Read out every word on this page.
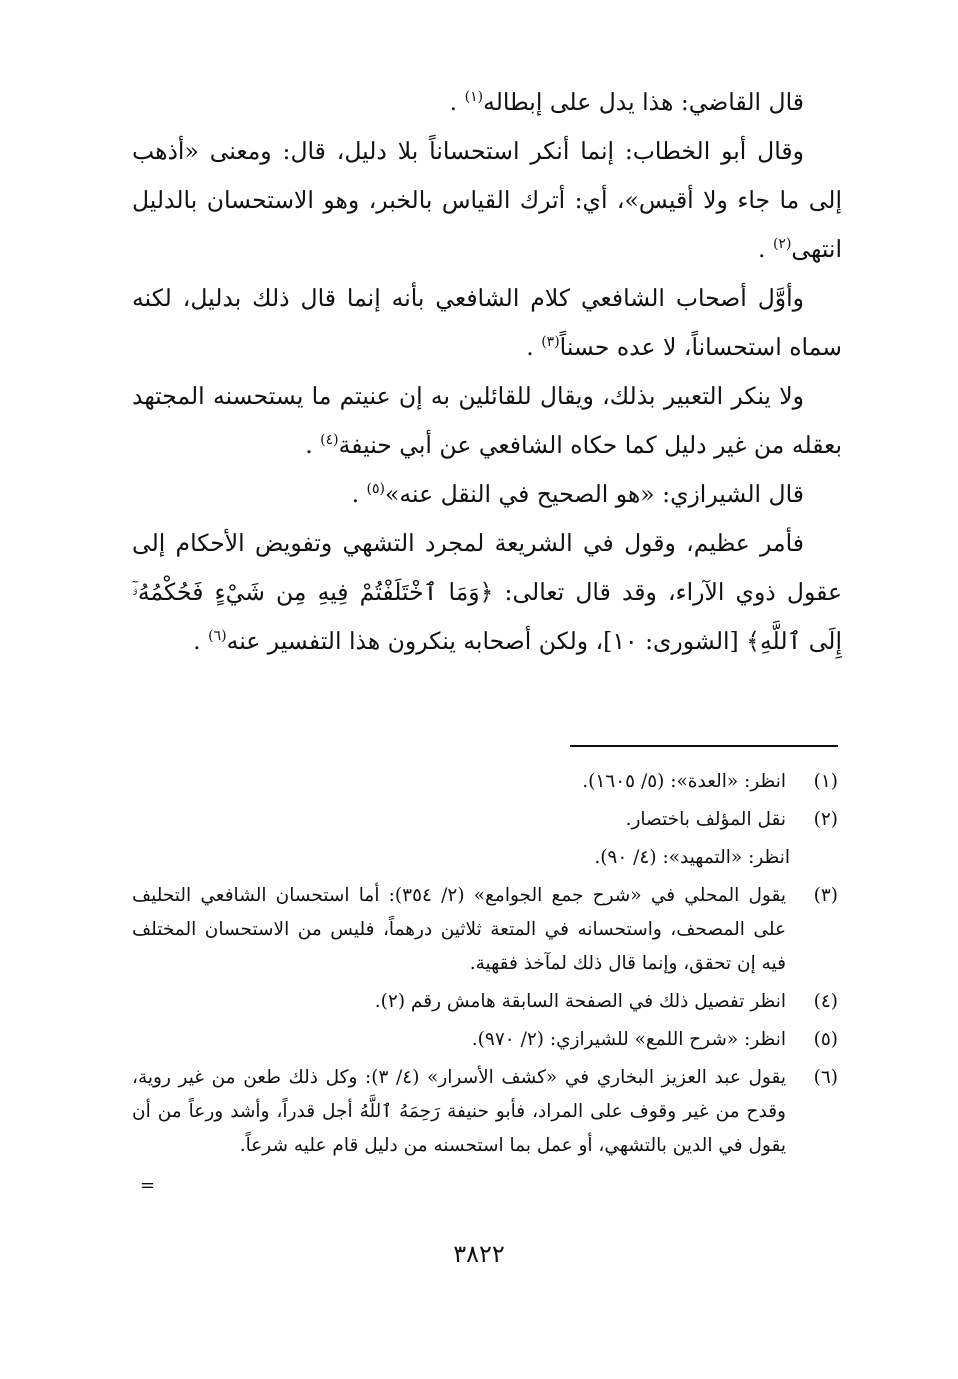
قال القاضي: هذا يدل على إبطاله$^{(١)}$ .

وقال أبو الخطاب: إنما أنكر استحساناً بلا دليل، قال: ومعنى «أذهب إلى ما جاء ولا أقيس»، أي: أترك القياس بالخبر، وهو الاستحسان بالدليل انتهى$^{(٢)}$ .

وأوَّل أصحاب الشافعي كلام الشافعي بأنه إنما قال ذلك بدليل، لكنه سماه استحساناً، لا عده حسناً$^{(٣)}$ .

ولا ينكر التعبير بذلك، ويقال للقائلين به إن عنيتم ما يستحسنه المجتهد بعقله من غير دليل كما حكاه الشافعي عن أبي حنيفة$^{(٤)}$ .

قال الشيرازي: «هو الصحيح في النقل عنه»$^{(٥)}$ .

فأمر عظيم، وقول في الشريعة لمجرد التشهي وتفويض الأحكام إلى عقول ذوي الآراء، وقد قال تعالى: ﴿وَمَا ٱخْتَلَفْتُمْ فِيهِ مِن شَيْءٍ فَحُكْمُهُۥٓ إِلَى ٱللَّهِ﴾ [الشورى: ١٠]، ولكن أصحابه ينكرون هذا التفسير عنه$^{(٦)}$ .

(١)
انظر: «العدة»: (٥/ ١٦٠٥).
(٢)
نقل المؤلف باختصار.
انظر: «التمهيد»: (٤/ ٩٠).
(٣)
يقول المحلي في «شرح جمع الجوامع» (٢/ ٣٥٤): أما استحسان الشافعي التحليف على المصحف، واستحسانه في المتعة ثلاثين درهماً، فليس من الاستحسان المختلف فيه إن تحقق، وإنما قال ذلك لمآخذ فقهية.
(٤)
انظر تفصيل ذلك في الصفحة السابقة هامش رقم (٢).
(٥)
انظر: «شرح اللمع» للشيرازي: (٢/ ٩٧٠).
(٦)
يقول عبد العزيز البخاري في «كشف الأسرار» (٤/ ٣): وكل ذلك طعن من غير روية، وقدح من غير وقوف على المراد، فأبو حنيفة رَحِمَهُ ٱللَّهُ أجل قدراً، وأشد ورعاً من أن يقول في الدين بالتشهي، أو عمل بما استحسنه من دليل قام عليه شرعاً.
=
٣٨٢٢
